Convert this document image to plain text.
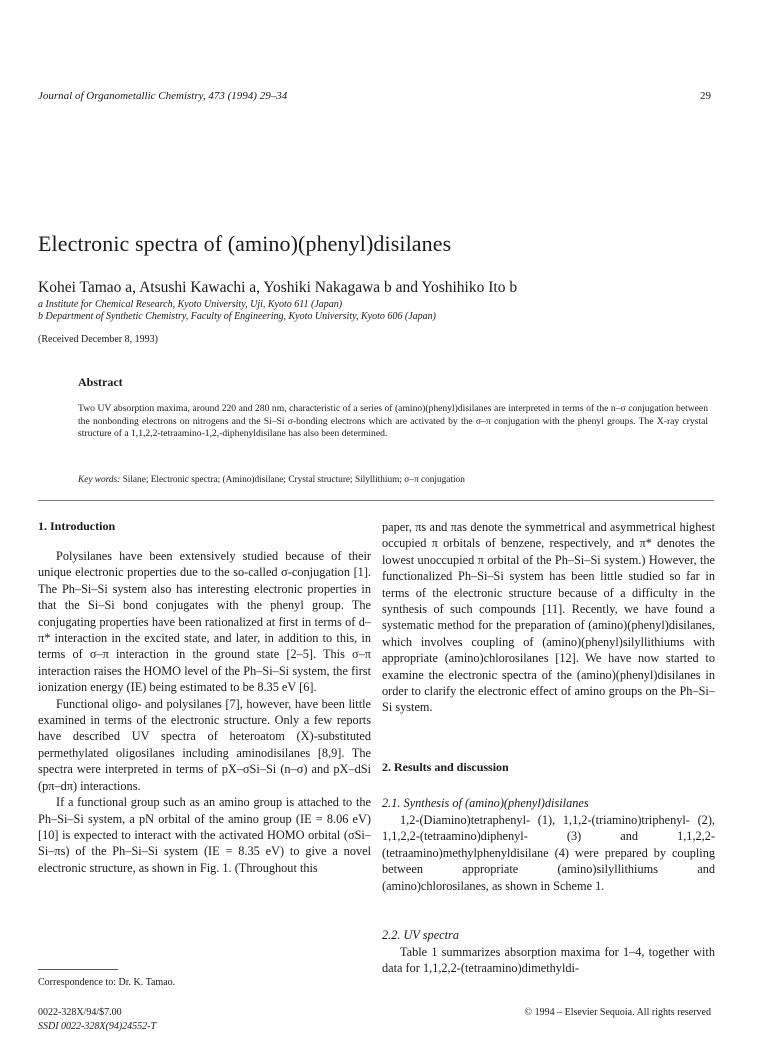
Journal of Organometallic Chemistry, 473 (1994) 29–34	29
Electronic spectra of (amino)(phenyl)disilanes
Kohei Tamao a, Atsushi Kawachi a, Yoshiki Nakagawa b and Yoshihiko Ito b
a Institute for Chemical Research, Kyoto University, Uji, Kyoto 611 (Japan)
b Department of Synthetic Chemistry, Faculty of Engineering, Kyoto University, Kyoto 606 (Japan)
(Received December 8, 1993)
Abstract
Two UV absorption maxima, around 220 and 280 nm, characteristic of a series of (amino)(phenyl)disilanes are interpreted in terms of the n–σ conjugation between the nonbonding electrons on nitrogens and the Si–Si σ-bonding electrons which are activated by the σ–π conjugation with the phenyl groups. The X-ray crystal structure of a 1,1,2,2-tetraamino-1,2,-diphenyldisilane has also been determined.
Key words: Silane; Electronic spectra; (Amino)disilane; Crystal structure; Silyllithium; σ–π conjugation
1. Introduction

Polysilanes have been extensively studied because of their unique electronic properties due to the so-called σ-conjugation [1]. The Ph–Si–Si system also has interesting electronic properties in that the Si–Si bond conjugates with the phenyl group. The conjugating properties have been rationalized at first in terms of d–π* interaction in the excited state, and later, in addition to this, in terms of σ–π interaction in the ground state [2–5]. This σ–π interaction raises the HOMO level of the Ph–Si–Si system, the first ionization energy (IE) being estimated to be 8.35 eV [6].

Functional oligo- and polysilanes [7], however, have been little examined in terms of the electronic structure. Only a few reports have described UV spectra of heteroatom (X)-substituted permethylated oligosilanes including aminodisilanes [8,9]. The spectra were interpreted in terms of pX–σSi–Si (n–σ) and pX–dSi (pπ–dπ) interactions.

If a functional group such as an amino group is attached to the Ph–Si–Si system, a pN orbital of the amino group (IE = 8.06 eV) [10] is expected to interact with the activated HOMO orbital (σSi–Si–πs) of the Ph–Si–Si system (IE = 8.35 eV) to give a novel electronic structure, as shown in Fig. 1. (Throughout this

Correspondence to: Dr. K. Tamao.

paper, πs and πas denote the symmetrical and asymmetrical highest occupied π orbitals of benzene, respectively, and π* denotes the lowest unoccupied π orbital of the Ph–Si–Si system.) However, the functionalized Ph–Si–Si system has been little studied so far in terms of the electronic structure because of a difficulty in the synthesis of such compounds [11]. Recently, we have found a systematic method for the preparation of (amino)(phenyl)disilanes, which involves coupling of (amino)(phenyl)silyllithiums with appropriate (amino)chlorosilanes [12]. We have now started to examine the electronic spectra of the (amino)(phenyl)disilanes in order to clarify the electronic effect of amino groups on the Ph–Si–Si system.

2. Results and discussion
2.1. Synthesis of (amino)(phenyl)disilanes

1,2-(Diamino)tetraphenyl- (1), 1,1,2-(triamino)triphenyl- (2), 1,1,2,2-(tetraamino)diphenyl- (3) and 1,1,2,2-(tetraamino)methylphenyldisilane (4) were prepared by coupling between appropriate (amino)silyllithiums and (amino)chlorosilanes, as shown in Scheme 1.

2.2. UV spectra

Table 1 summarizes absorption maxima for 1–4, together with data for 1,1,2,2-(tetraamino)dimethyldi-

0022-328X/94/$7.00
SSDI 0022-328X(94)24552-T
© 1994 – Elsevier Sequoia. All rights reserved
